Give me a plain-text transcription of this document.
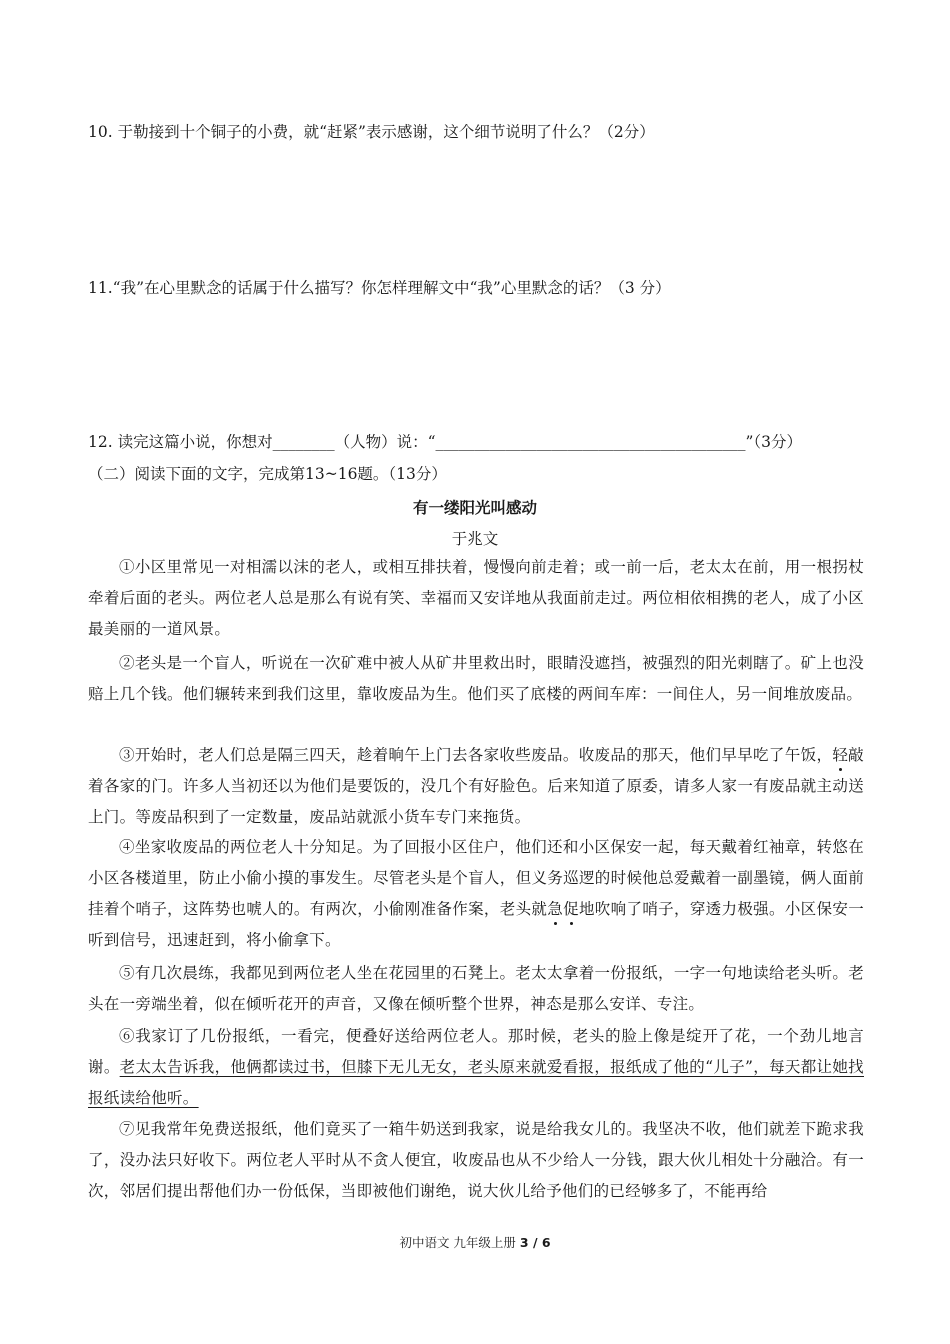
10. 于勒接到十个铜子的小费，就“赶紧”表示感谢，这个细节说明了什么？（2分）

11.“我”在心里默念的话属于什么描写？你怎样理解文中“我”心里默念的话？（3 分）

12. 读完这篇小说，你想对________（人物）说：“________________________________________”（3分）

（二）阅读下面的文字，完成第13~16题。（13分）

有一缕阳光叫感动
于兆文

①小区里常见一对相濡以沫的老人，或相互排扶着，慢慢向前走着；或一前一后，老太太在前，用一根拐杖牵着后面的老头。两位老人总是那么有说有笑、幸福而又安详地从我面前走过。两位相依相携的老人，成了小区最美丽的一道风景。

②老头是一个盲人，听说在一次矿难中被人从矿井里救出时，眼睛没遮挡，被强烈的阳光刺瞎了。矿上也没赔上几个钱。他们辗转来到我们这里，靠收废品为生。他们买了底楼的两间车库：一间住人，另一间堆放废品。

③开始时，老人们总是隔三四天，趁着晌午上门去各家收些废品。收废品的那天，他们早早吃了午饭，轻敲着各家的门。许多人当初还以为他们是要饭的，没几个有好脸色。后来知道了原委，请多人家一有废品就主动送上门。等废品积到了一定数量，废品站就派小货车专门来拖货。

④坐家收废品的两位老人十分知足。为了回报小区住户，他们还和小区保安一起，每天戴着红袖章，转悠在小区各楼道里，防止小偷小摸的事发生。尽管老头是个盲人，但义务巡逻的时候他总爱戴着一副墨镜，俩人面前挂着个哨子，这阵势也唬人的。有两次，小偷刚准备作案，老头就急促地吹响了哨子，穿透力极强。小区保安一听到信号，迅速赶到，将小偷拿下。

⑤有几次晨练，我都见到两位老人坐在花园里的石凳上。老太太拿着一份报纸，一字一句地读给老头听。老头在一旁端坐着，似在倾听花开的声音，又像在倾听整个世界，神态是那么安详、专注。

⑥我家订了几份报纸，一看完，便叠好送给两位老人。那时候，老头的脸上像是绽开了花，一个劲儿地言谢。老太太告诉我，他俩都读过书，但膝下无儿无女，老头原来就爱看报，报纸成了他的“儿子”，每天都让她找报纸读给他听。

⑦见我常年免费送报纸，他们竟买了一箱牛奶送到我家，说是给我女儿的。我坚决不收，他们就差下跪求我了，没办法只好收下。两位老人平时从不贪人便宜，收废品也从不少给人一分钱，跟大伙儿相处十分融洽。有一次，邻居们提出帮他们办一份低保，当即被他们谢绝，说大伙儿给予他们的已经够多了，不能再给

初中语文 九年级上册 3 / 6
